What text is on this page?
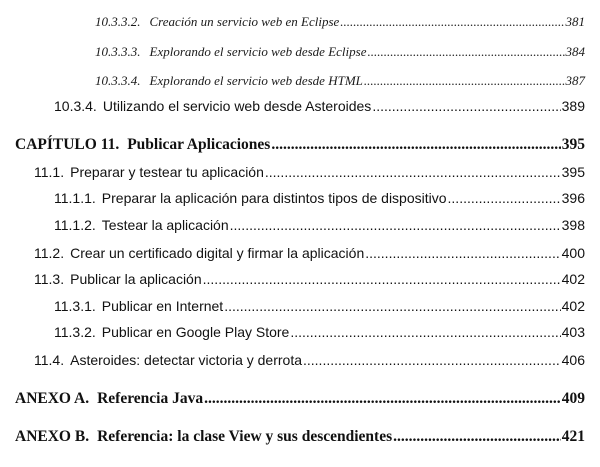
10.3.3.2. Creación un servicio web en Eclipse .....	381
10.3.3.3. Explorando el servicio web desde Eclipse .....	384
10.3.3.4. Explorando el servicio web desde HTML .....	387
10.3.4. Utilizando el servicio web desde Asteroides .....	389
CAPÍTULO 11. Publicar Aplicaciones .....	395
11.1. Preparar y testear tu aplicación .....	395
11.1.1. Preparar la aplicación para distintos tipos de dispositivo .....	396
11.1.2. Testear la aplicación .....	398
11.2. Crear un certificado digital y firmar la aplicación .....	400
11.3. Publicar la aplicación .....	402
11.3.1. Publicar en Internet .....	402
11.3.2. Publicar en Google Play Store .....	403
11.4. Asteroides: detectar victoria y derrota .....	406
ANEXO A. Referencia Java .....	409
ANEXO B. Referencia: la clase View y sus descendientes .....	421
